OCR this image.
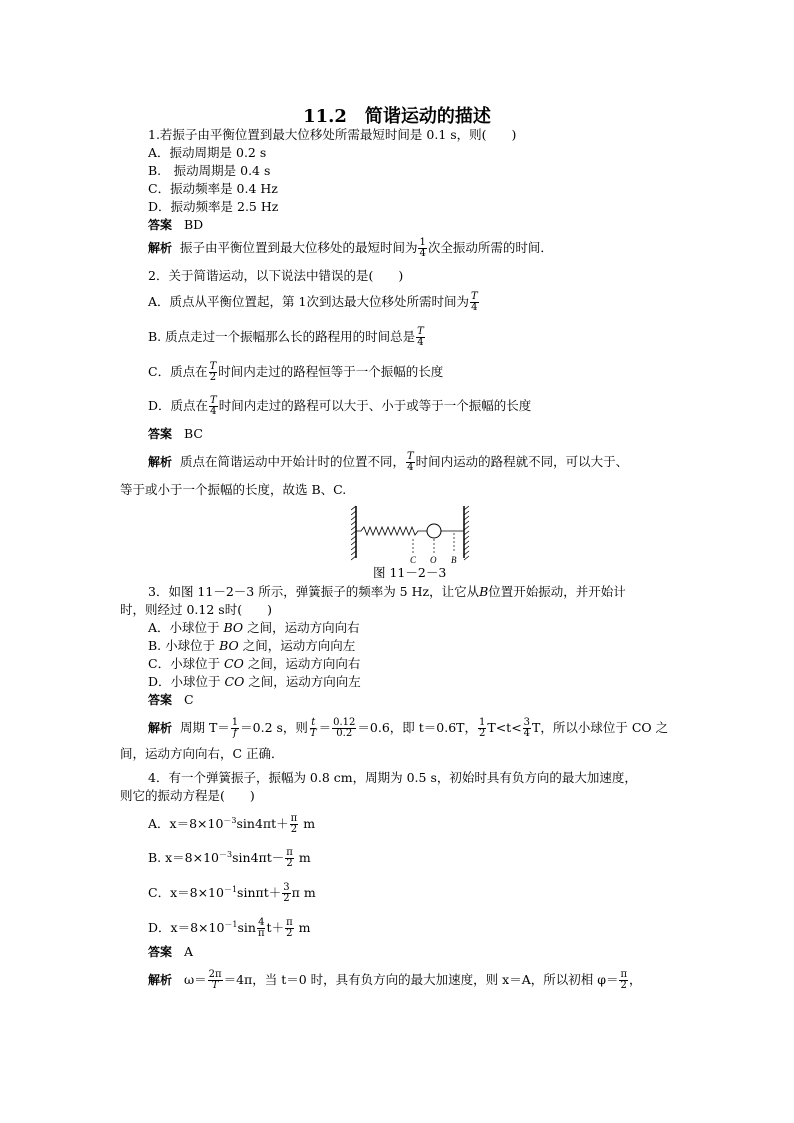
11.2　简谐运动的描述
1.若振子由平衡位置到最大位移处所需最短时间是 0.1 s，则(　　)
A．振动周期是 0.2 s
B.　振动周期是 0.4 s
C．振动频率是 0.4 Hz
D．振动频率是 2.5 Hz
答案 BD
解析 振子由平衡位置到最大位移处的最短时间为 $\frac{1}{4}$ 次全振动所需的时间．
2．关于简谐运动，以下说法中错误的是(　　)
A．质点从平衡位置起，第 1次到达最大位移处所需时间为 $\frac{T}{4}$
B. 质点走过一个振幅那么长的路程用的时间总是 $\frac{T}{4}$
C．质点在 $\frac{T}{2}$ 时间内走过的路程恒等于一个振幅的长度
D．质点在 $\frac{T}{4}$ 时间内走过的路程可以大于、小于或等于一个振幅的长度
答案 BC
解析 质点在简谐运动中开始计时的位置不同， $\frac{T}{4}$ 时间内运动的路程就不同，可以大于、
等于或小于一个振幅的长度，故选 B、C.
C O B
图 11－2－3
3．如图 11－2－3 所示，弹簧振子的频率为 5 Hz，让它从B位置开始振动，并开始计
时，则经过 0.12 s时(　　)
A．小球位于 BO 之间，运动方向向右
B. 小球位于 BO 之间，运动方向向左
C．小球位于 CO 之间，运动方向向右
D．小球位于 CO 之间，运动方向向左
答案 C
解析 周期 $T= \frac{1}{f} =0.2$ s，则 $\frac{t}{T} = \frac{0.12}{0.2} =0.6$，即 t＝0.6T， $\frac{1}{2} T<t< \frac{3}{4}$ T，所以小球位于 CO 之
间，运动方向向右，C 正确．
4．有一个弹簧振子，振幅为 0.8 cm，周期为 0.5 s，初始时具有负方向的最大加速度，
则它的振动方程是(　　)
A．$x=8\times 10^{-3}\sin 4\pi t+ \frac{\pi}{2}$ m
B. $x=8\times 10^{-3}\sin 4\pi t- \frac{\pi}{2}$ m
C．$x=8\times 10^{-1}\sin\pi t+ \frac{3}{2}$ π m
D．$x=8\times 10^{-1}\sin \frac{4}{\pi} t+ \frac{\pi}{2}$ m
答案 A
解析 $\omega= \frac{2\pi}{T} =4\pi$，当 t＝0 时，具有负方向的最大加速度，则 x＝A，所以初相 $\varphi= \frac{\pi}{2}$ ，
